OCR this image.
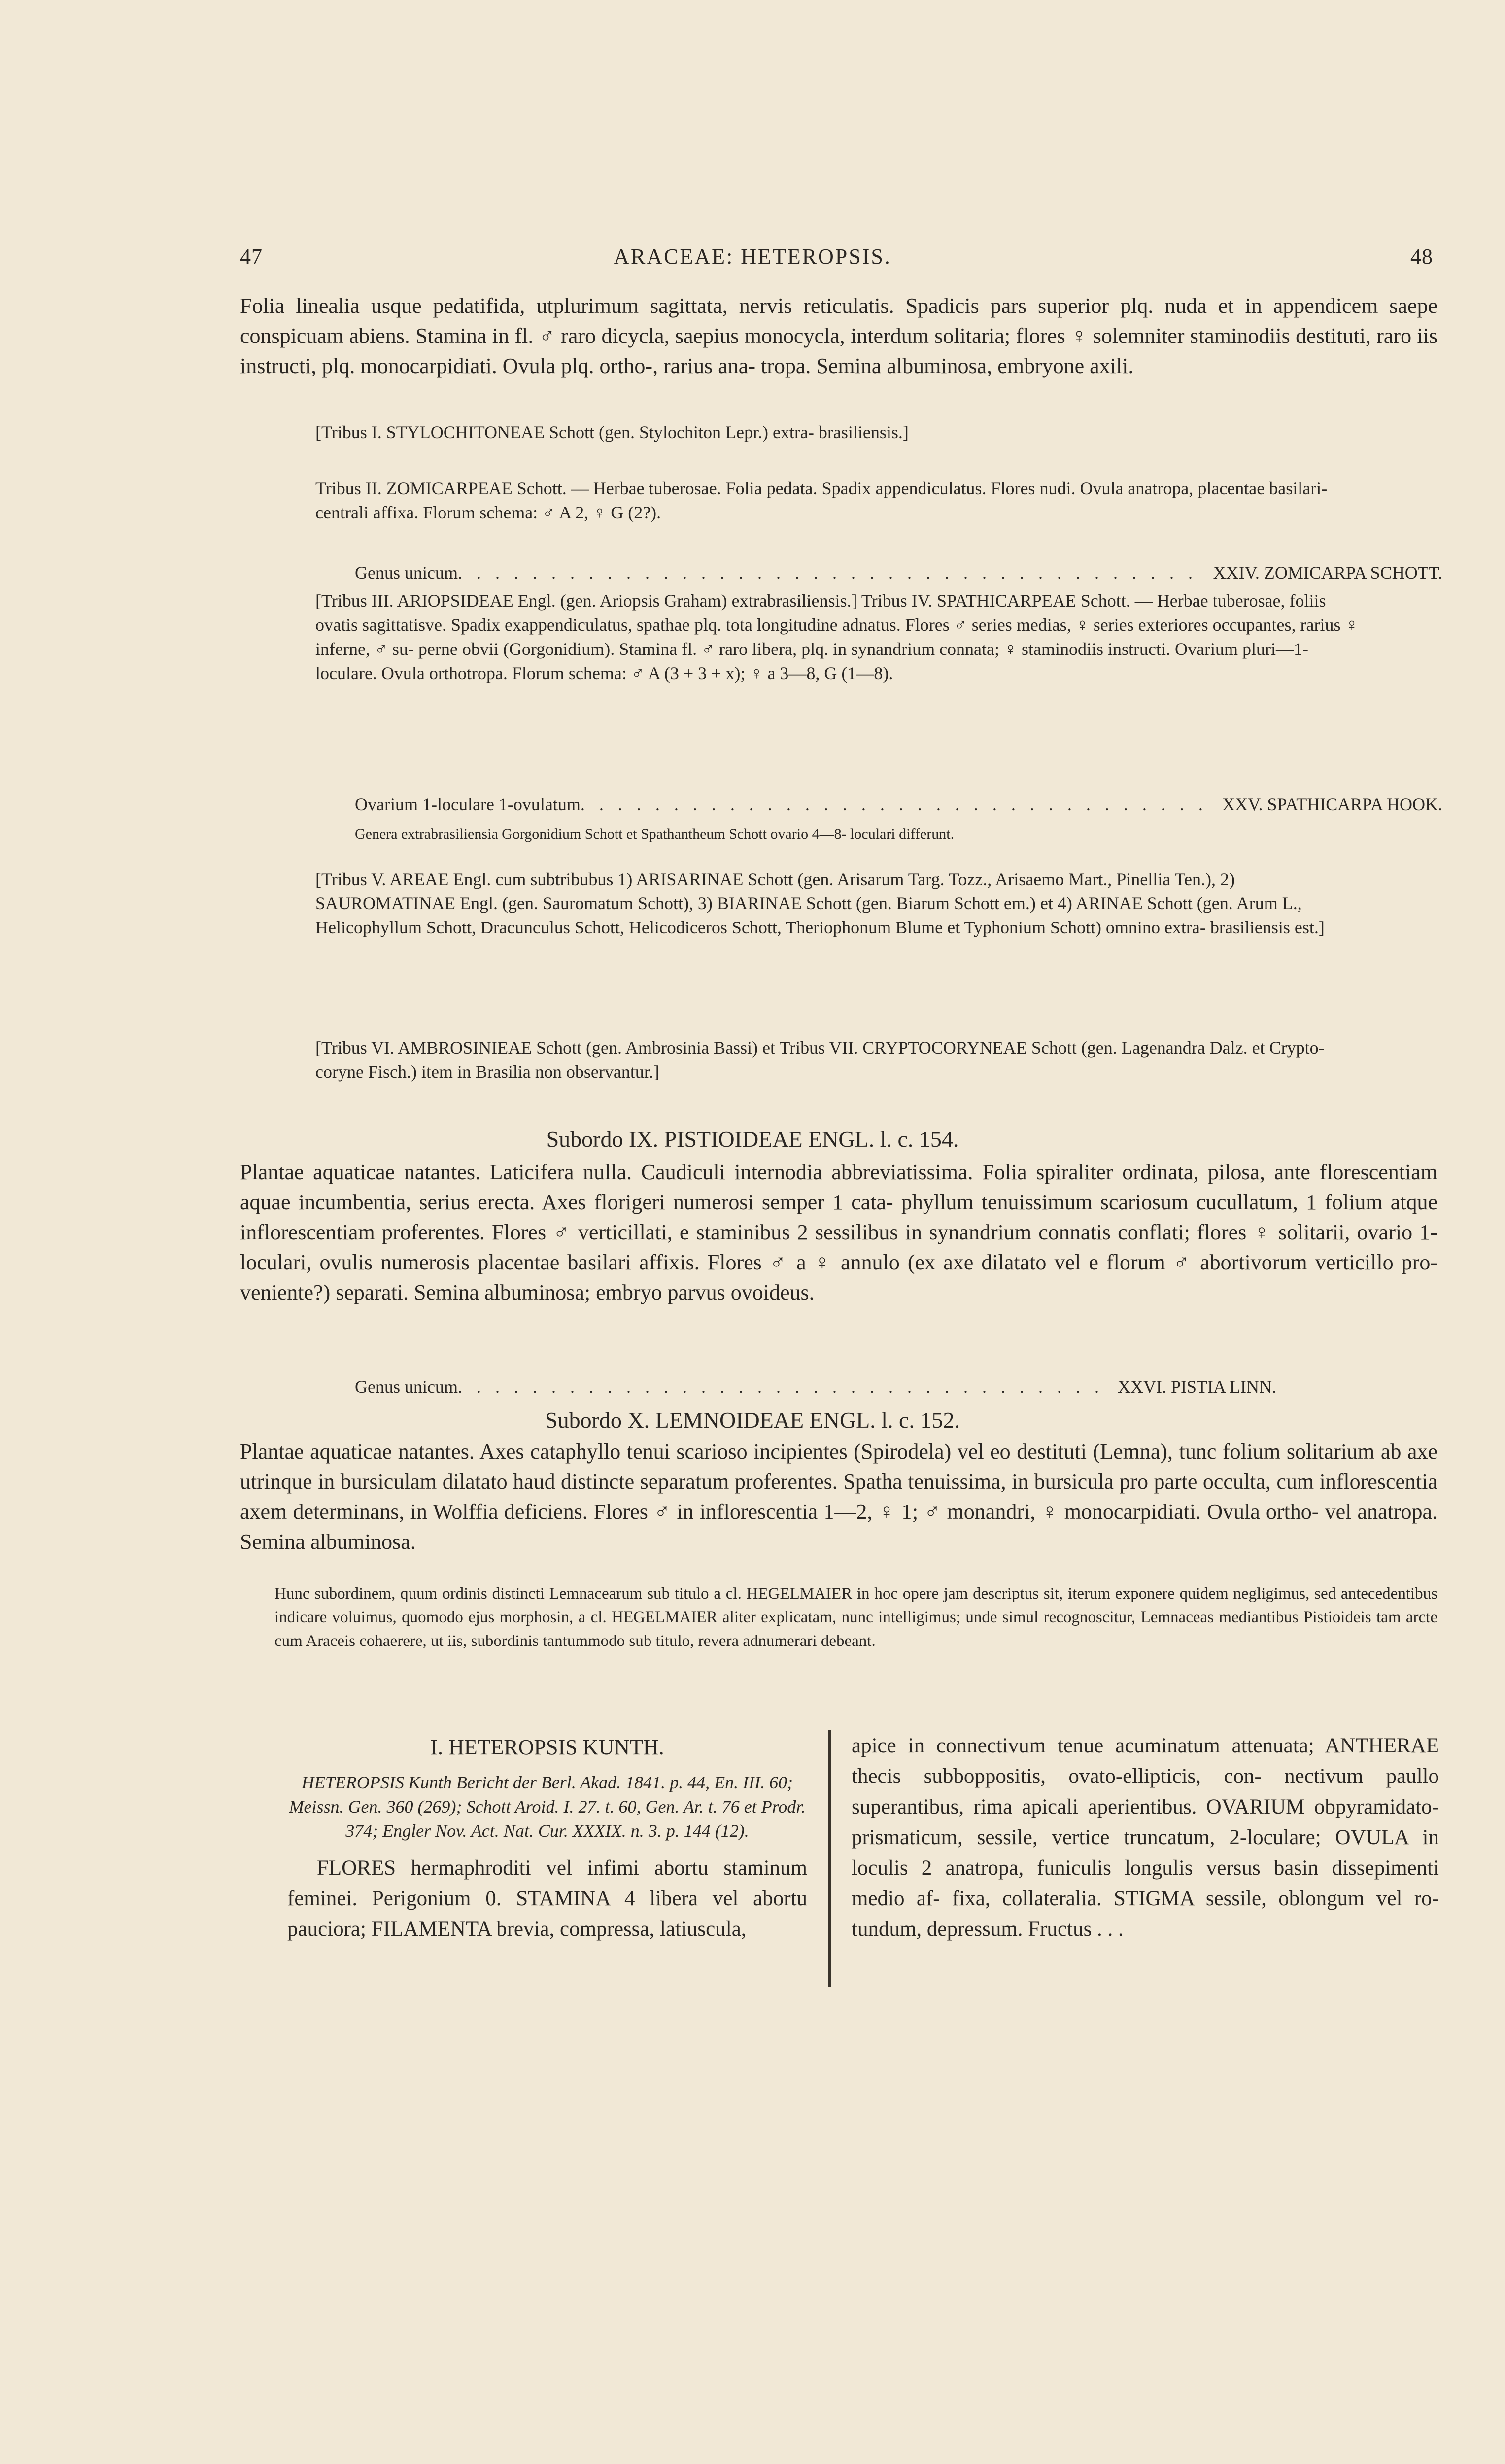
47	ARACEAE: HETEROPSIS.	48

Folia linealia usque pedatifida, utplurimum sagittata, nervis reticulatis. Spadicis pars superior plq. nuda et in appendicem saepe conspicuam abiens. Stamina in fl. ♂ raro dicycla, saepius monocycla, interdum solitaria; flores ♀ solemniter staminodiis destituti, raro iis instructi, plq. monocarpidiati. Ovula plq. ortho-, rarius ana- tropa. Semina albuminosa, embryone axili.

[Tribus I. STYLOCHITONEAE Schott (gen. Stylochiton Lepr.) extra- brasiliensis.]

Tribus II. ZOMICARPEAE Schott. — Herbae tuberosae. Folia pedata. Spadix appendiculatus. Flores nudi. Ovula anatropa, placentae basilari-centrali affixa. Florum schema: ♂ A 2, ♀ G (2?).

Genus unicum . . .	XXIV. ZOMICARPA SCHOTT.

[Tribus III. ARIOPSIDEAE Engl. (gen. Ariopsis Graham) extrabrasiliensis.] Tribus IV. SPATHICARPEAE Schott. — Herbae tuberosae, foliis ovatis sagittatisve. Spadix exappendiculatus, spathae plq. tota longitudine adnatus. Flores ♂ series medias, ♀ series exteriores occupantes, rarius ♀ inferne, ♂ su- perne obvii (Gorgonidium). Stamina fl. ♂ raro libera, plq. in synandrium connata; ♀ staminodiis instructi. Ovarium pluri—1-loculare. Ovula orthotropa. Florum schema: ♂ A (3 + 3 + x); ♀ a 3—8, G (1—8).

Ovarium 1-loculare 1-ovulatum . . .	XXV. SPATHICARPA HOOK.

Genera extrabrasiliensia Gorgonidium Schott et Spathantheum Schott ovario 4—8- loculari differunt.

[Tribus V. AREAE Engl. cum subtribubus 1) ARISARINAE Schott (gen. Arisarum Targ. Tozz., Arisaemo Mart., Pinellia Ten.), 2) SAUROMATINAE Engl. (gen. Sauromatum Schott), 3) BIARINAE Schott (gen. Biarum Schott em.) et 4) ARINAE Schott (gen. Arum L., Helicophyllum Schott, Dracunculus Schott, Helicodiceros Schott, Theriophonum Blume et Typhonium Schott) omnino extra- brasiliensis est.]

[Tribus VI. AMBROSINIEAE Schott (gen. Ambrosinia Bassi) et Tribus VII. CRYPTOCORYNEAE Schott (gen. Lagenandra Dalz. et Crypto- coryne Fisch.) item in Brasilia non observantur.]

Subordo IX. PISTIOIDEAE ENGL. l. c. 154.

Plantae aquaticae natantes. Laticifera nulla. Caudiculi internodia abbreviatissima. Folia spiraliter ordinata, pilosa, ante florescentiam aquae incumbentia, serius erecta. Axes florigeri numerosi semper 1 cata- phyllum tenuissimum scariosum cucullatum, 1 folium atque inflorescentiam proferentes. Flores ♂ verticillati, e staminibus 2 sessilibus in synandrium connatis conflati; flores ♀ solitarii, ovario 1-loculari, ovulis numerosis placentae basilari affixis. Flores ♂ a ♀ annulo (ex axe dilatato vel e florum ♂ abortivorum verticillo pro- veniente?) separati. Semina albuminosa; embryo parvus ovoideus.

Genus unicum . . .	XXVI. PISTIA LINN.
Subordo X. LEMNOIDEAE ENGL. l. c. 152.

Plantae aquaticae natantes. Axes cataphyllo tenui scarioso incipientes (Spirodela) vel eo destituti (Lemna), tunc folium solitarium ab axe utrinque in bursiculam dilatato haud distincte separatum proferentes. Spatha tenuissima, in bursicula pro parte occulta, cum inflorescentia axem determinans, in Wolffia deficiens. Flores ♂ in inflorescentia 1—2, ♀ 1; ♂ monandri, ♀ monocarpidiati. Ovula ortho- vel anatropa. Semina albuminosa.

Hunc subordinem, quum ordinis distincti Lemnacearum sub titulo a cl. HEGELMAIER in hoc opere jam descriptus sit, iterum exponere quidem negligimus, sed antecedentibus indicare voluimus, quomodo ejus morphosin, a cl. HEGELMAIER aliter explicatam, nunc intelligimus; unde simul recognoscitur, Lemnaceas mediantibus Pistioideis tam arcte cum Araceis cohaerere, ut iis, subordinis tantummodo sub titulo, revera adnumerari debeant.

I. HETEROPSIS KUNTH.

HETEROPSIS Kunth Bericht der Berl. Akad. 1841. p. 44, En. III. 60; Meissn. Gen. 360 (269); Schott Aroid. I. 27. t. 60, Gen. Ar. t. 76 et Prodr. 374; Engler Nov. Act. Nat. Cur. XXXIX. n. 3. p. 144 (12).

FLORES hermaphroditi vel infimi abortu staminum feminei. Perigonium 0. STAMINA 4 libera vel abortu pauciora; FILAMENTA brevia, compressa, latiuscula,

apice in connectivum tenue acuminatum attenuata; ANTHERAE thecis subboppositis, ovato-ellipticis, con- nectivum paullo superantibus, rima apicali aperientibus. OVARIUM obpyramidato-prismaticum, sessile, vertice truncatum, 2-loculare; OVULA in loculis 2 anatropa, funiculis longulis versus basin dissepimenti medio af- fixa, collateralia. STIGMA sessile, oblongum vel ro- tundum, depressum. Fructus . . .
